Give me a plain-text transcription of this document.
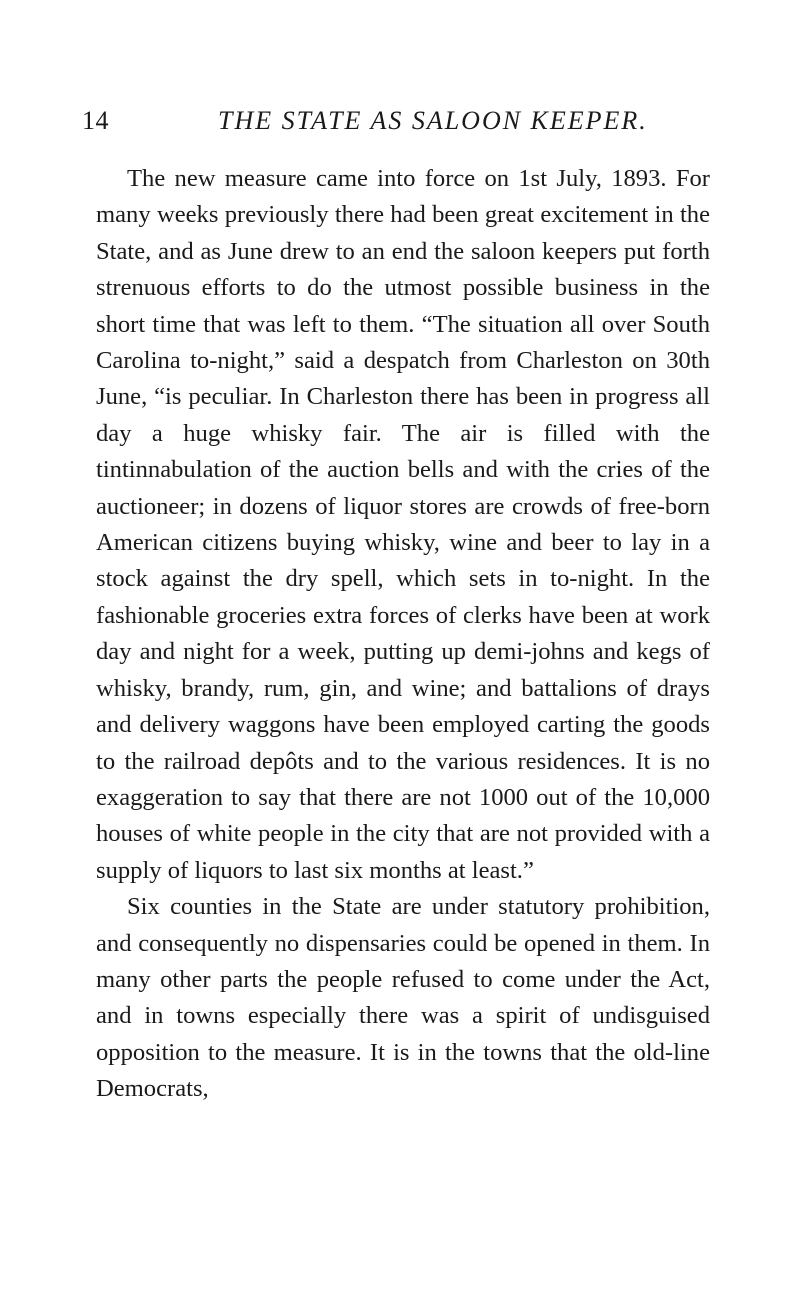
14	THE STATE AS SALOON KEEPER.

The new measure came into force on 1st July, 1893. For many weeks previously there had been great excitement in the State, and as June drew to an end the saloon keepers put forth strenuous efforts to do the utmost possible business in the short time that was left to them. “The situation all over South Carolina to-night,” said a despatch from Charleston on 30th June, “is peculiar. In Charleston there has been in progress all day a huge whisky fair. The air is filled with the tintinnabulation of the auction bells and with the cries of the auctioneer; in dozens of liquor stores are crowds of free-born American citizens buying whisky, wine and beer to lay in a stock against the dry spell, which sets in to-night. In the fashionable groceries extra forces of clerks have been at work day and night for a week, putting up demi-johns and kegs of whisky, brandy, rum, gin, and wine; and battalions of drays and delivery waggons have been employed carting the goods to the railroad depôts and to the various residences. It is no exaggeration to say that there are not 1000 out of the 10,000 houses of white people in the city that are not provided with a supply of liquors to last six months at least.”

Six counties in the State are under statutory prohibition, and consequently no dispensaries could be opened in them. In many other parts the people refused to come under the Act, and in towns especially there was a spirit of undisguised opposition to the measure. It is in the towns that the old-line Democrats,
